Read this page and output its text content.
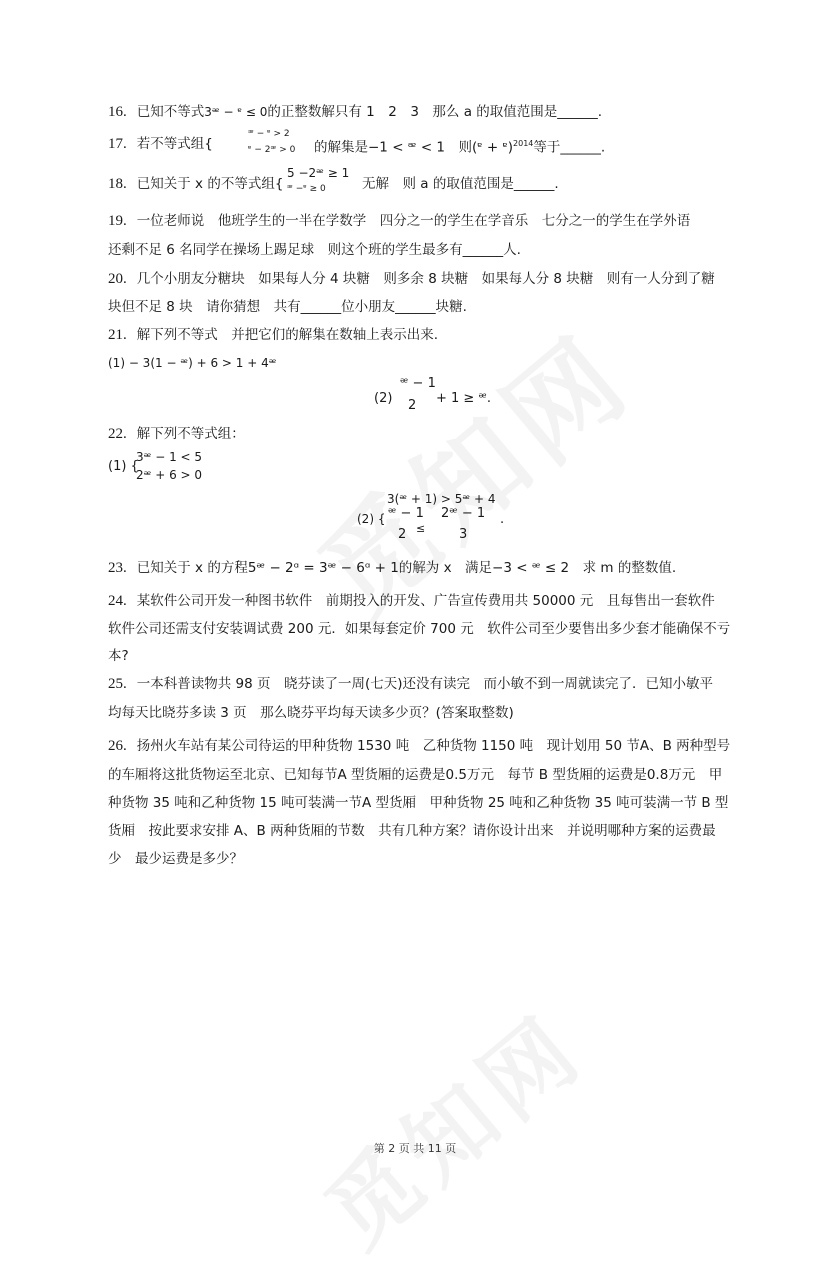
16. 已知不等式3ᵆ − ᵄ ≤ 0的正整数解只有 1　2　3　那么 a 的取值范围是______.
17. 若不等式组{
ᵆ − ᵄ > 2
ᵄ − 2ᵆ > 0 的解集是−1 < ᵆ < 1　则(ᵄ + ᵄ)$^{2014}$等于______.
18. 已知关于 x 的不等式组{
5 −2ᵆ ≥ 1
ᵆ −ᵄ ≥ 0	无解　则 a 的取值范围是______.
19. 一位老师说　他班学生的一半在学数学　四分之一的学生在学音乐　七分之一的学生在学外语
还剩不足 6 名同学在操场上踢足球　则这个班的学生最多有______人.
20. 几个小朋友分糖块　如果每人分 4 块糖　则多余 8 块糖　如果每人分 8 块糖　则有一人分到了糖
块但不足 8 块　请你猜想　共有______位小朋友______块糖.
21. 解下列不等式　并把它们的解集在数轴上表示出来.
(1) − 3(1 − ᵆ) + 6 > 1 + 4ᵆ
(2)
ᵆ − 1
2 + 1 ≥ ᵆ.
22. 解下列不等式组：
(1) {
3ᵆ − 1 < 5
2ᵆ + 6 > 0
3(ᵆ + 1) > 5ᵆ + 4
(2) { ᵆ − 1 2ᵆ − 1
≤
2	3
.
23. 已知关于 x 的方程5ᵆ − 2ᵅ = 3ᵆ − 6ᵅ + 1的解为 x　满足−3 < ᵆ ≤ 2　求 m 的整数值.
24. 某软件公司开发一种图书软件　前期投入的开发、广告宣传费用共 50000 元　且每售出一套软件
软件公司还需支付安装调试费 200 元．如果每套定价 700 元　软件公司至少要售出多少套才能确保不亏
本?
25. 一本科普读物共 98 页　晓芬读了一周(七天)还没有读完　而小敏不到一周就读完了．已知小敏平
均每天比晓芬多读 3 页　那么晓芬平均每天读多少页？(答案取整数)
26. 扬州火车站有某公司待运的甲种货物 1530 吨　乙种货物 1150 吨　现计划用 50 节A、B 两种型号
的车厢将这批货物运至北京、已知每节A 型货厢的运费是0.5万元　每节 B 型货厢的运费是0.8万元　甲
种货物 35 吨和乙种货物 15 吨可装满一节A 型货厢　甲种货物 25 吨和乙种货物 35 吨可装满一节 B 型
货厢　按此要求安排 A、B 两种货厢的节数　共有几种方案？请你设计出来　并说明哪种方案的运费最
少　最少运费是多少？
第 2 页 共 11 页
